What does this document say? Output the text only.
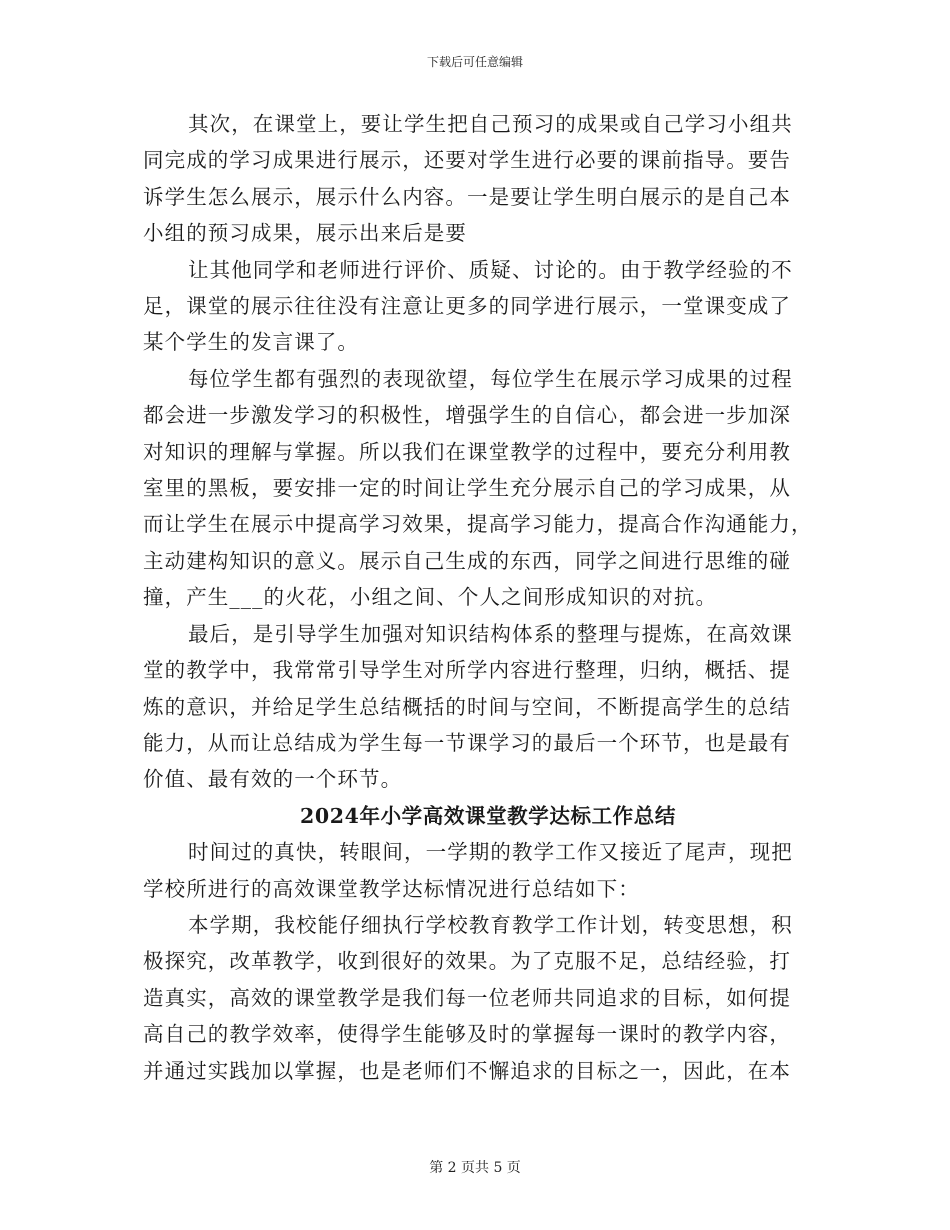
下载后可任意编辑
其次，在课堂上，要让学生把自己预习的成果或自己学习小组共
同完成的学习成果进行展示，还要对学生进行必要的课前指导。要告
诉学生怎么展示，展示什么内容。一是要让学生明白展示的是自己本
小组的预习成果，展示出来后是要
让其他同学和老师进行评价、质疑、讨论的。由于教学经验的不
足，课堂的展示往往没有注意让更多的同学进行展示，一堂课变成了
某个学生的发言课了。
每位学生都有强烈的表现欲望，每位学生在展示学习成果的过程
都会进一步激发学习的积极性，增强学生的自信心，都会进一步加深
对知识的理解与掌握。所以我们在课堂教学的过程中，要充分利用教
室里的黑板，要安排一定的时间让学生充分展示自己的学习成果，从
而让学生在展示中提高学习效果，提高学习能力，提高合作沟通能力，
主动建构知识的意义。展示自己生成的东西，同学之间进行思维的碰
撞，产生___的火花，小组之间、个人之间形成知识的对抗。
最后，是引导学生加强对知识结构体系的整理与提炼，在高效课
堂的教学中，我常常引导学生对所学内容进行整理，归纳，概括、提
炼的意识，并给足学生总结概括的时间与空间，不断提高学生的总结
能力，从而让总结成为学生每一节课学习的最后一个环节，也是最有
价值、最有效的一个环节。
2024年小学高效课堂教学达标工作总结
时间过的真快，转眼间，一学期的教学工作又接近了尾声，现把
学校所进行的高效课堂教学达标情况进行总结如下：
本学期，我校能仔细执行学校教育教学工作计划，转变思想，积
极探究，改革教学，收到很好的效果。为了克服不足，总结经验，打
造真实，高效的课堂教学是我们每一位老师共同追求的目标，如何提
高自己的教学效率，使得学生能够及时的掌握每一课时的教学内容，
并通过实践加以掌握，也是老师们不懈追求的目标之一，因此，在本
第 2 页共 5 页
